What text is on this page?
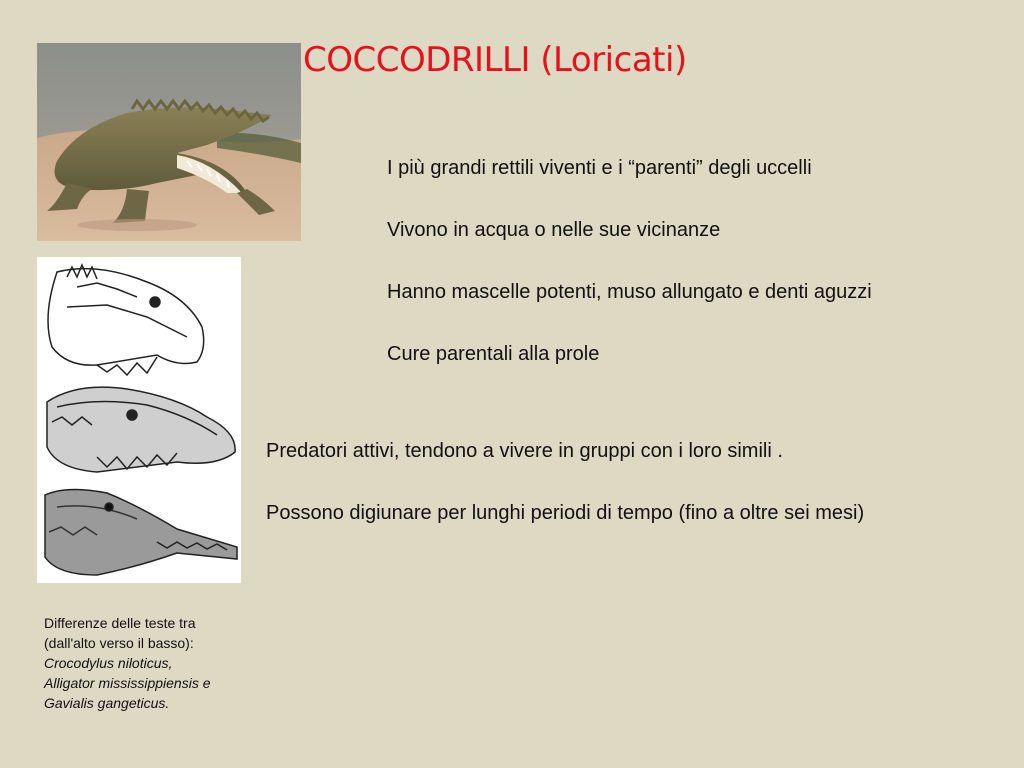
COCCODRILLI (Loricati)
I più grandi rettili viventi e i “parenti” degli uccelli
Vivono in acqua o nelle sue vicinanze
Hanno mascelle potenti, muso allungato e denti aguzzi
Cure parentali alla prole

Predatori attivi, tendono a vivere in gruppi con i loro simili .

Possono digiunare per lunghi periodi di tempo (fino a oltre sei mesi)

Differenze delle teste tra
(dall'alto verso il basso):
Crocodylus niloticus,
Alligator mississippiensis e
Gavialis gangeticus.
